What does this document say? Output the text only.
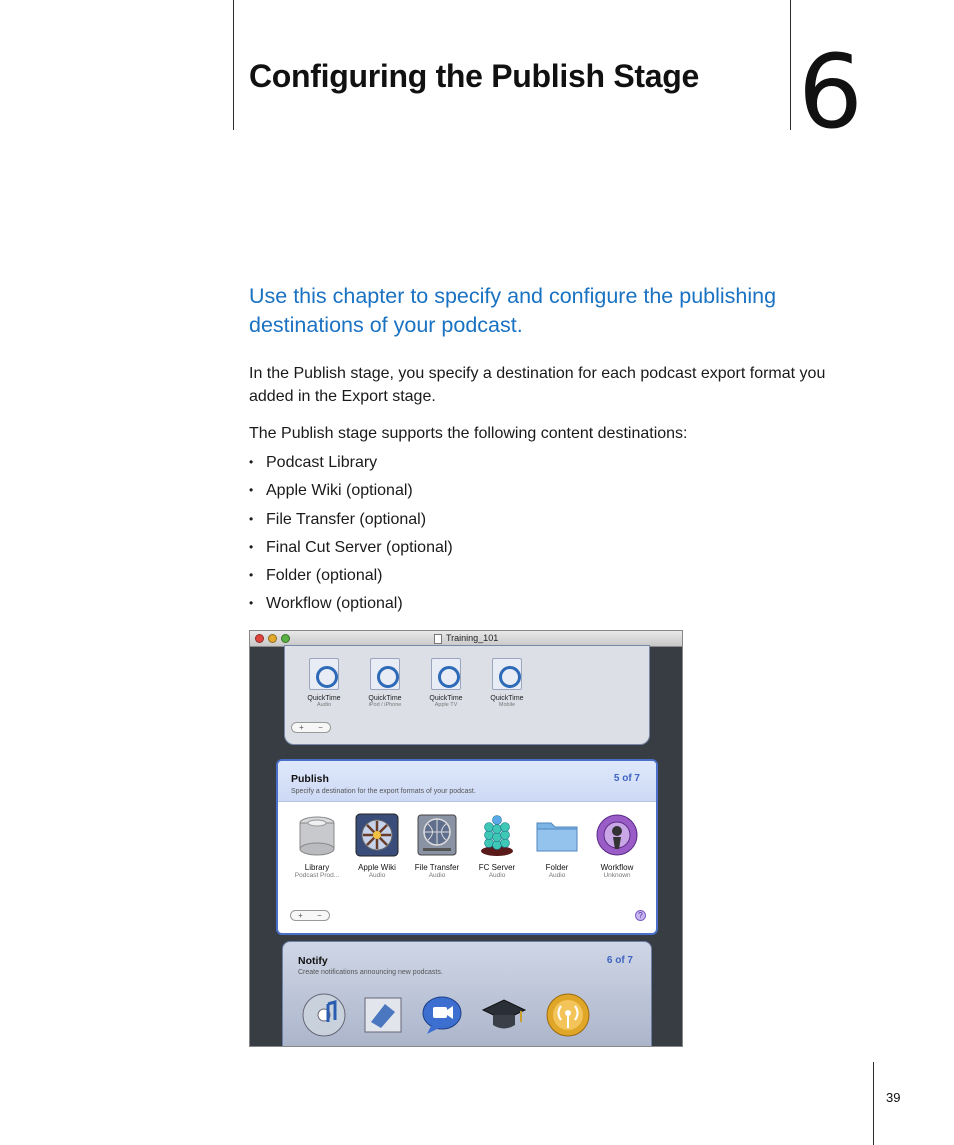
Configuring the Publish Stage 6

Use this chapter to specify and configure the publishing destinations of your podcast.

In the Publish stage, you specify a destination for each podcast export format you added in the Export stage.

The Publish stage supports the following content destinations:

• Podcast Library
• Apple Wiki (optional)
• File Transfer (optional)
• Final Cut Server (optional)
• Folder (optional)
• Workflow (optional)
Training_101
QuickTime
Audio
QuickTime
iPod / iPhone
QuickTime
Apple TV
QuickTime
Mobile
+ −
Publish
Specify a destination for the export formats of your podcast.
5 of 7
Library
Podcast Prod...
Apple Wiki
Audio
File Transfer
Audio
FC Server
Audio
Folder
Audio
Workflow
Unknown
+ −	?
Notify
Create notifications announcing new podcasts.
6 of 7
39
